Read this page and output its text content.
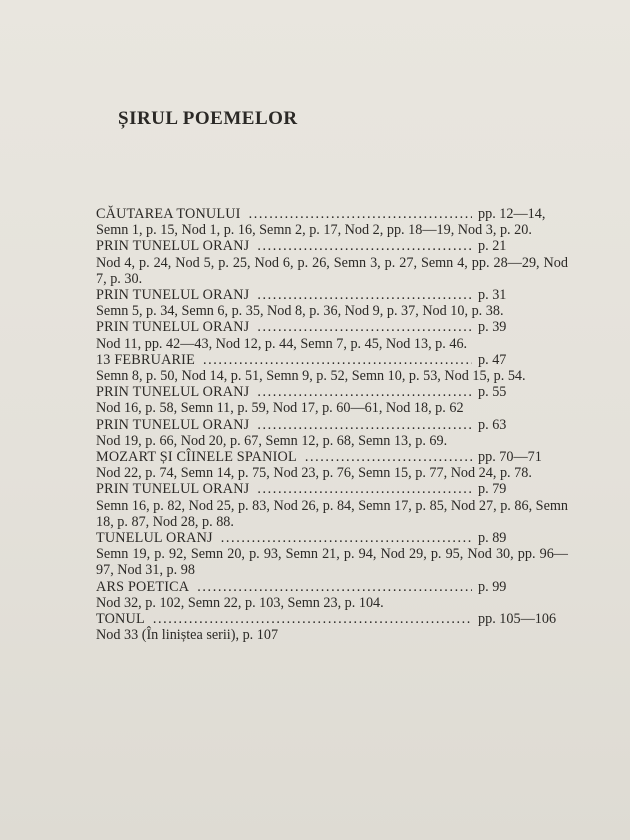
ȘIRUL POEMELOR
CĂUTAREA TONULUI .....	pp. 12—14,
Semn 1, p. 15, Nod 1, p. 16, Semn 2, p. 17, Nod 2, pp. 18—19, Nod 3, p. 20.
PRIN TUNELUL ORANJ .....	p. 21
Nod 4, p. 24, Nod 5, p. 25, Nod 6, p. 26, Semn 3, p. 27, Semn 4, pp. 28—29, Nod 7, p. 30.
PRIN TUNELUL ORANJ .....	p. 31
Semn 5, p. 34, Semn 6, p. 35, Nod 8, p. 36, Nod 9, p. 37, Nod 10, p. 38.
PRIN TUNELUL ORANJ .....	p. 39
Nod 11, pp. 42—43, Nod 12, p. 44, Semn 7, p. 45, Nod 13, p. 46.
13 FEBRUARIE .....	p. 47
Semn 8, p. 50, Nod 14, p. 51, Semn 9, p. 52, Semn 10, p. 53, Nod 15, p. 54.
PRIN TUNELUL ORANJ .....	p. 55
Nod 16, p. 58, Semn 11, p. 59, Nod 17, p. 60—61, Nod 18, p. 62
PRIN TUNELUL ORANJ .....	p. 63
Nod 19, p. 66, Nod 20, p. 67, Semn 12, p. 68, Semn 13, p. 69.
MOZART ȘI CÎINELE SPANIOL .....	pp. 70—71
Nod 22, p. 74, Semn 14, p. 75, Nod 23, p. 76, Semn 15, p. 77, Nod 24, p. 78.
PRIN TUNELUL ORANJ .....	p. 79
Semn 16, p. 82, Nod 25, p. 83, Nod 26, p. 84, Semn 17, p. 85, Nod 27, p. 86, Semn 18, p. 87, Nod 28, p. 88.
TUNELUL ORANJ .....	p. 89
Semn 19, p. 92, Semn 20, p. 93, Semn 21, p. 94, Nod 29, p. 95, Nod 30, pp. 96—97, Nod 31, p. 98
ARS POETICA .....	p. 99
Nod 32, p. 102, Semn 22, p. 103, Semn 23, p. 104.
TONUL .....	pp. 105—106
Nod 33 (În liniștea serii), p. 107
